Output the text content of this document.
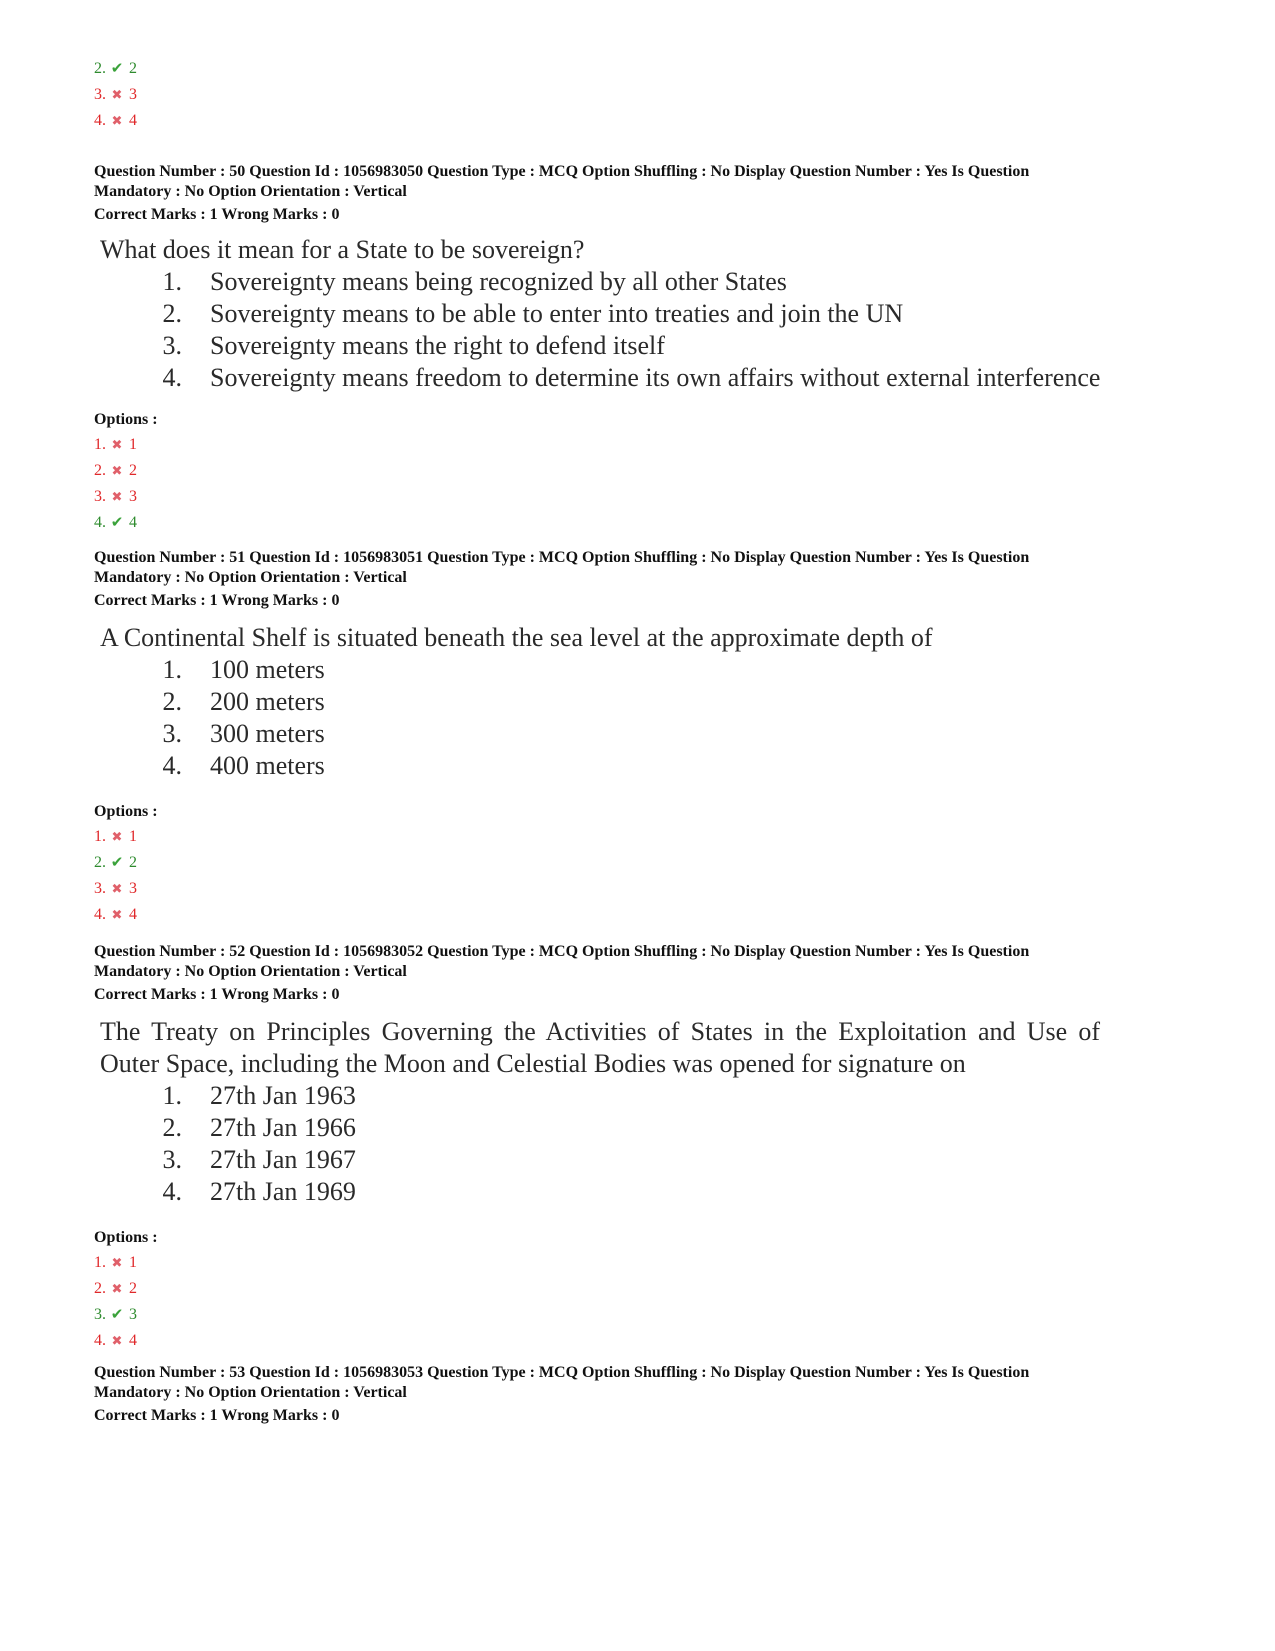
2. ✔ 2
3. ✖ 3
4. ✖ 4
Question Number : 50 Question Id : 1056983050 Question Type : MCQ Option Shuffling : No Display Question Number : Yes Is Question
Mandatory : No Option Orientation : Vertical
Correct Marks : 1 Wrong Marks : 0
What does it mean for a State to be sovereign?
1. Sovereignty means being recognized by all other States
2. Sovereignty means to be able to enter into treaties and join the UN
3. Sovereignty means the right to defend itself
4. Sovereignty means freedom to determine its own affairs without external interference
Options :
1. ✖ 1
2. ✖ 2
3. ✖ 3
4. ✔ 4
Question Number : 51 Question Id : 1056983051 Question Type : MCQ Option Shuffling : No Display Question Number : Yes Is Question
Mandatory : No Option Orientation : Vertical
Correct Marks : 1 Wrong Marks : 0
A Continental Shelf is situated beneath the sea level at the approximate depth of
1. 100 meters
2. 200 meters
3. 300 meters
4. 400 meters
Options :
1. ✖ 1
2. ✔ 2
3. ✖ 3
4. ✖ 4
Question Number : 52 Question Id : 1056983052 Question Type : MCQ Option Shuffling : No Display Question Number : Yes Is Question
Mandatory : No Option Orientation : Vertical
Correct Marks : 1 Wrong Marks : 0
The Treaty on Principles Governing the Activities of States in the Exploitation and Use of
Outer Space, including the Moon and Celestial Bodies was opened for signature on
1. 27th Jan 1963
2. 27th Jan 1966
3. 27th Jan 1967
4. 27th Jan 1969
Options :
1. ✖ 1
2. ✖ 2
3. ✔ 3
4. ✖ 4
Question Number : 53 Question Id : 1056983053 Question Type : MCQ Option Shuffling : No Display Question Number : Yes Is Question
Mandatory : No Option Orientation : Vertical
Correct Marks : 1 Wrong Marks : 0
